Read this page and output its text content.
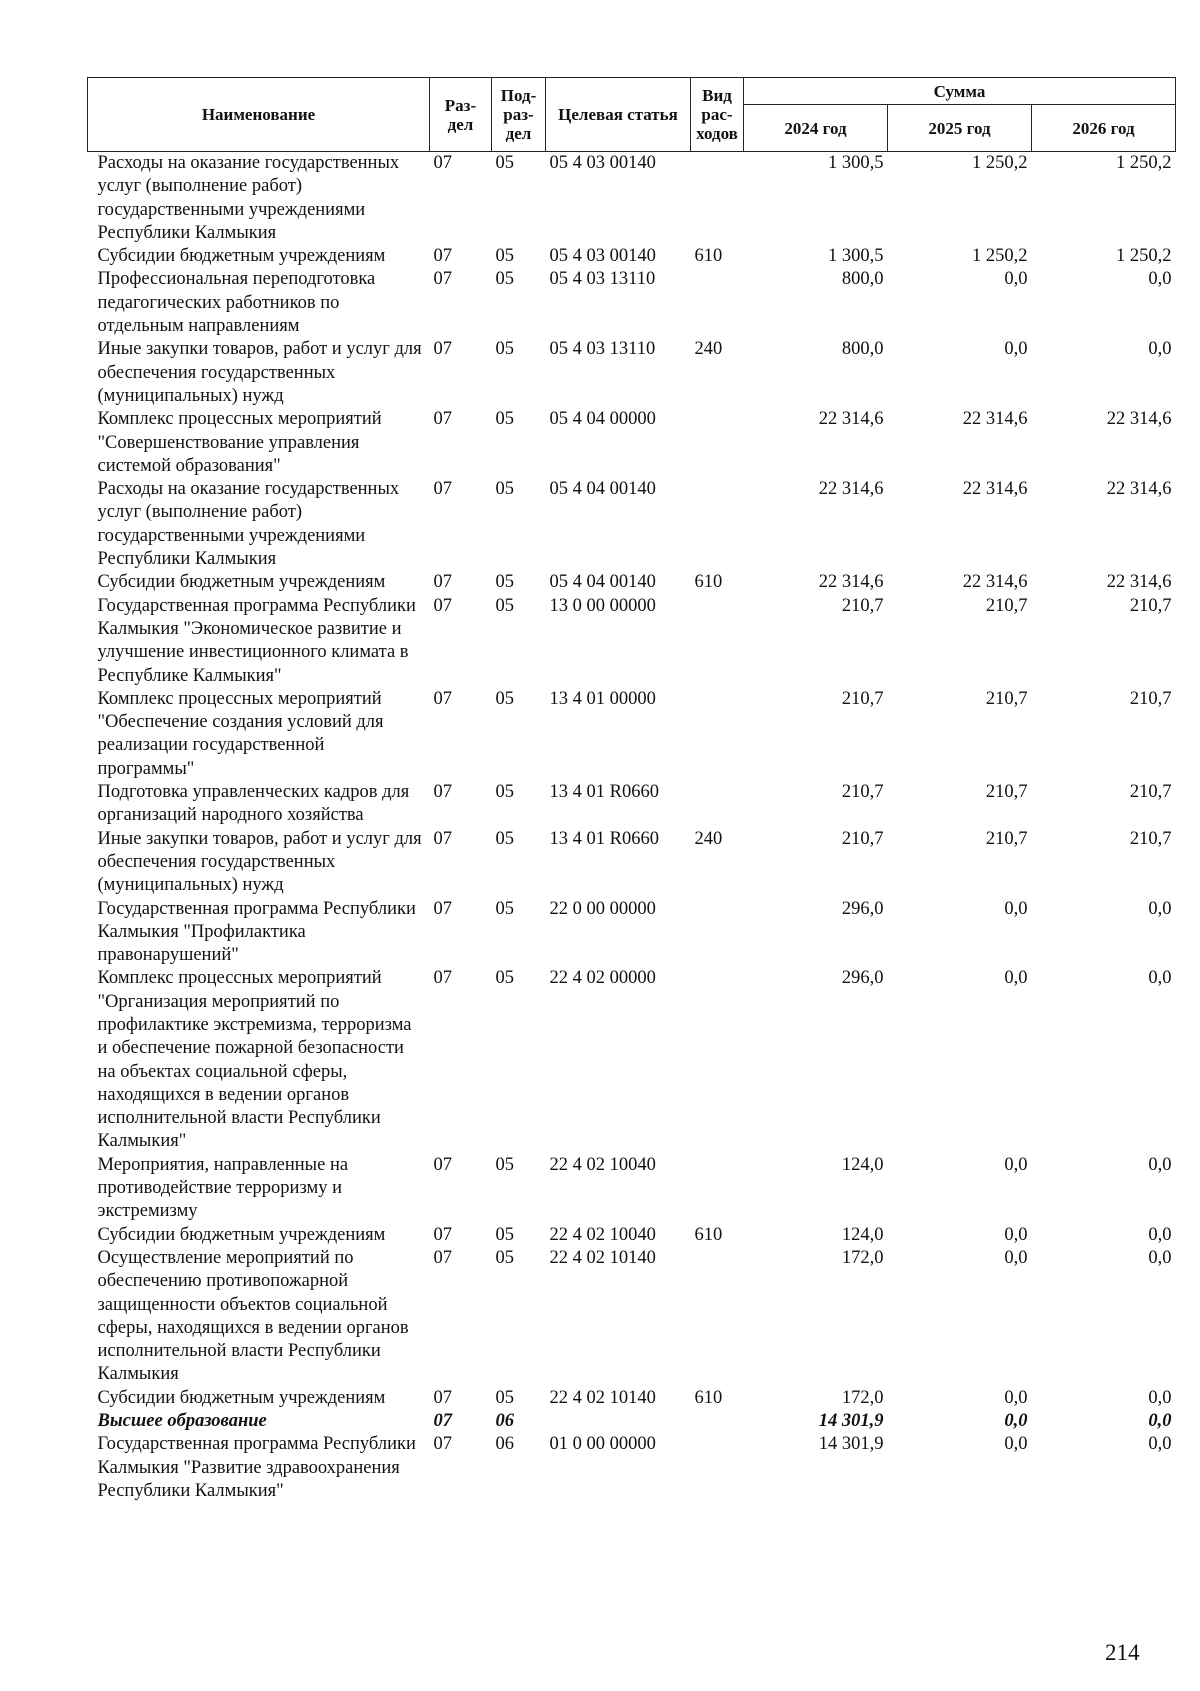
Наименование	Раз- дел	Под- раз- дел	Целевая статья	Вид рас- ходов	Сумма		
					2024 год	2025 год	2026 год
Расходы на оказание государственных услуг (выполнение работ) государственными учреждениями Республики Калмыкия	07	05	05 4 03 00140		1 300,5	1 250,2	1 250,2
Субсидии бюджетным учреждениям	07	05	05 4 03 00140	610	1 300,5	1 250,2	1 250,2
Профессиональная переподготовка педагогических работников по отдельным направлениям	07	05	05 4 03 13110		800,0	0,0	0,0
Иные закупки товаров, работ и услуг для обеспечения государственных (муниципальных) нужд	07	05	05 4 03 13110	240	800,0	0,0	0,0
Комплекс процессных мероприятий "Совершенствование управления системой образования"	07	05	05 4 04 00000		22 314,6	22 314,6	22 314,6
Расходы на оказание государственных услуг (выполнение работ) государственными учреждениями Республики Калмыкия	07	05	05 4 04 00140		22 314,6	22 314,6	22 314,6
Субсидии бюджетным учреждениям	07	05	05 4 04 00140	610	22 314,6	22 314,6	22 314,6
Государственная программа Республики Калмыкия "Экономическое развитие и улучшение инвестиционного климата в Республике Калмыкия"	07	05	13 0 00 00000		210,7	210,7	210,7
Комплекс процессных мероприятий "Обеспечение создания условий для реализации государственной программы"	07	05	13 4 01 00000		210,7	210,7	210,7
Подготовка управленческих кадров для организаций народного хозяйства	07	05	13 4 01 R0660		210,7	210,7	210,7
Иные закупки товаров, работ и услуг для обеспечения государственных (муниципальных) нужд	07	05	13 4 01 R0660	240	210,7	210,7	210,7
Государственная программа Республики Калмыкия "Профилактика правонарушений"	07	05	22 0 00 00000		296,0	0,0	0,0
Комплекс процессных мероприятий "Организация мероприятий по профилактике экстремизма, терроризма и обеспечение пожарной безопасности на объектах социальной сферы, находящихся в ведении органов исполнительной власти Республики Калмыкия"	07	05	22 4 02 00000		296,0	0,0	0,0
Мероприятия, направленные на противодействие терроризму и экстремизму	07	05	22 4 02 10040		124,0	0,0	0,0
Субсидии бюджетным учреждениям	07	05	22 4 02 10040	610	124,0	0,0	0,0
Осуществление мероприятий по обеспечению противопожарной защищенности объектов социальной сферы, находящихся в ведении органов исполнительной власти Республики Калмыкия	07	05	22 4 02 10140		172,0	0,0	0,0
Субсидии бюджетным учреждениям	07	05	22 4 02 10140	610	172,0	0,0	0,0
Высшее образование	07	06			14 301,9	0,0	0,0
Государственная программа Республики Калмыкия "Развитие здравоохранения Республики Калмыкия"	07	06	01 0 00 00000		14 301,9	0,0	0,0
214
